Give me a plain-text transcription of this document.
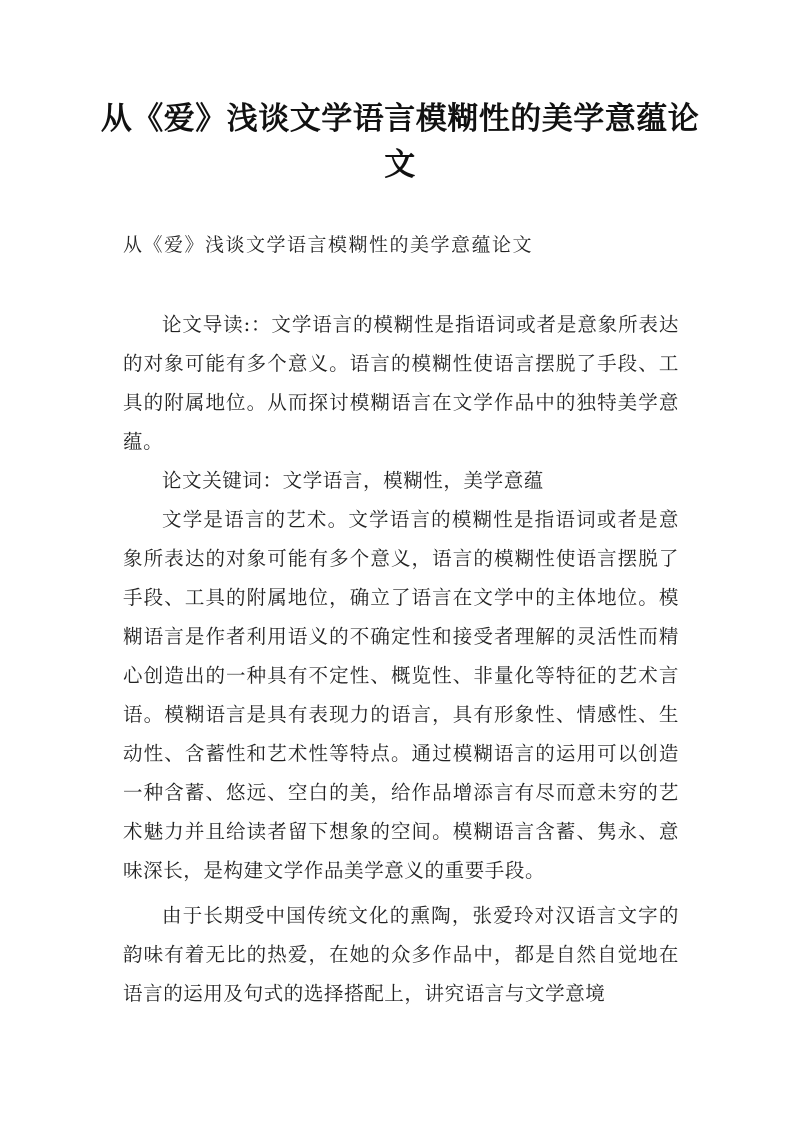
从《爱》浅谈文学语言模糊性的美学意蕴论文

从《爱》浅谈文学语言模糊性的美学意蕴论文

论文导读:：文学语言的模糊性是指语词或者是意象所表达的对象可能有多个意义。语言的模糊性使语言摆脱了手段、工具的附属地位。从而探讨模糊语言在文学作品中的独特美学意蕴。

论文关键词：文学语言，模糊性，美学意蕴

文学是语言的艺术。文学语言的模糊性是指语词或者是意象所表达的对象可能有多个意义，语言的模糊性使语言摆脱了手段、工具的附属地位，确立了语言在文学中的主体地位。模糊语言是作者利用语义的不确定性和接受者理解的灵活性而精心创造出的一种具有不定性、概览性、非量化等特征的艺术言语。模糊语言是具有表现力的语言，具有形象性、情感性、生动性、含蓄性和艺术性等特点。通过模糊语言的运用可以创造一种含蓄、悠远、空白的美，给作品增添言有尽而意未穷的艺术魅力并且给读者留下想象的空间。模糊语言含蓄、隽永、意味深长，是构建文学作品美学意义的重要手段。

由于长期受中国传统文化的熏陶，张爱玲对汉语言文字的韵味有着无比的热爱，在她的众多作品中，都是自然自觉地在语言的运用及句式的选择搭配上，讲究语言与文学意境
